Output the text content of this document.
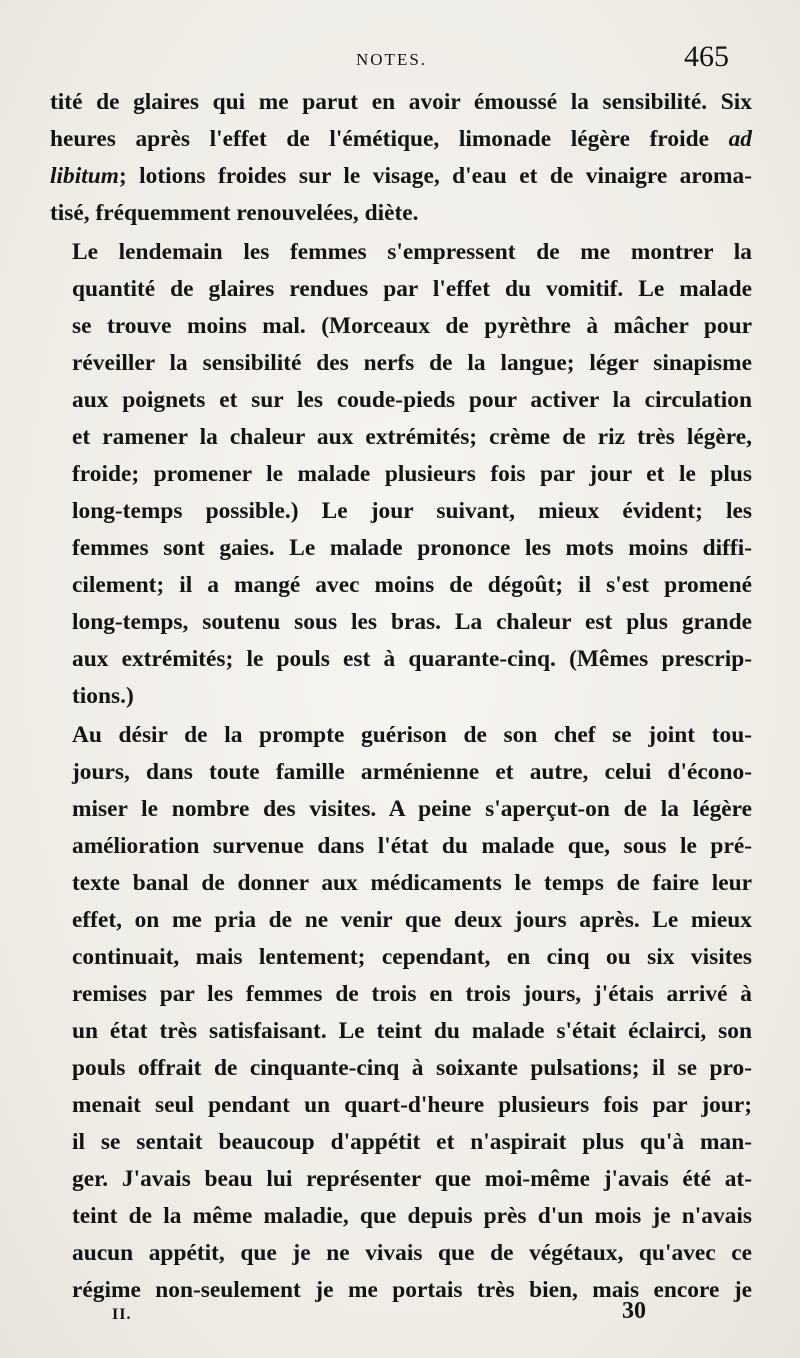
NOTES.	465

tité de glaires qui me parut en avoir émoussé la sensibilité. Six
heures après l'effet de l'émétique, limonade légère froide ad
libitum; lotions froides sur le visage, d'eau et de vinaigre aroma-
tisé, fréquemment renouvelées, diète.

Le lendemain les femmes s'empressent de me montrer la
quantité de glaires rendues par l'effet du vomitif. Le malade
se trouve moins mal. (Morceaux de pyrèthre à mâcher pour
réveiller la sensibilité des nerfs de la langue; léger sinapisme
aux poignets et sur les coude-pieds pour activer la circulation
et ramener la chaleur aux extrémités; crème de riz très légère,
froide; promener le malade plusieurs fois par jour et le plus
long-temps possible.) Le jour suivant, mieux évident; les
femmes sont gaies. Le malade prononce les mots moins diffi-
cilement; il a mangé avec moins de dégoût; il s'est promené
long-temps, soutenu sous les bras. La chaleur est plus grande
aux extrémités; le pouls est à quarante-cinq. (Mêmes prescrip-
tions.)

Au désir de la prompte guérison de son chef se joint tou-
jours, dans toute famille arménienne et autre, celui d'écono-
miser le nombre des visites. A peine s'aperçut-on de la légère
amélioration survenue dans l'état du malade que, sous le pré-
texte banal de donner aux médicaments le temps de faire leur
effet, on me pria de ne venir que deux jours après. Le mieux
continuait, mais lentement; cependant, en cinq ou six visites
remises par les femmes de trois en trois jours, j'étais arrivé à
un état très satisfaisant. Le teint du malade s'était éclairci, son
pouls offrait de cinquante-cinq à soixante pulsations; il se pro-
menait seul pendant un quart-d'heure plusieurs fois par jour;
il se sentait beaucoup d'appétit et n'aspirait plus qu'à man-
ger. J'avais beau lui représenter que moi-même j'avais été at-
teint de la même maladie, que depuis près d'un mois je n'avais
aucun appétit, que je ne vivais que de végétaux, qu'avec ce
régime non-seulement je me portais très bien, mais encore je

II.	30
